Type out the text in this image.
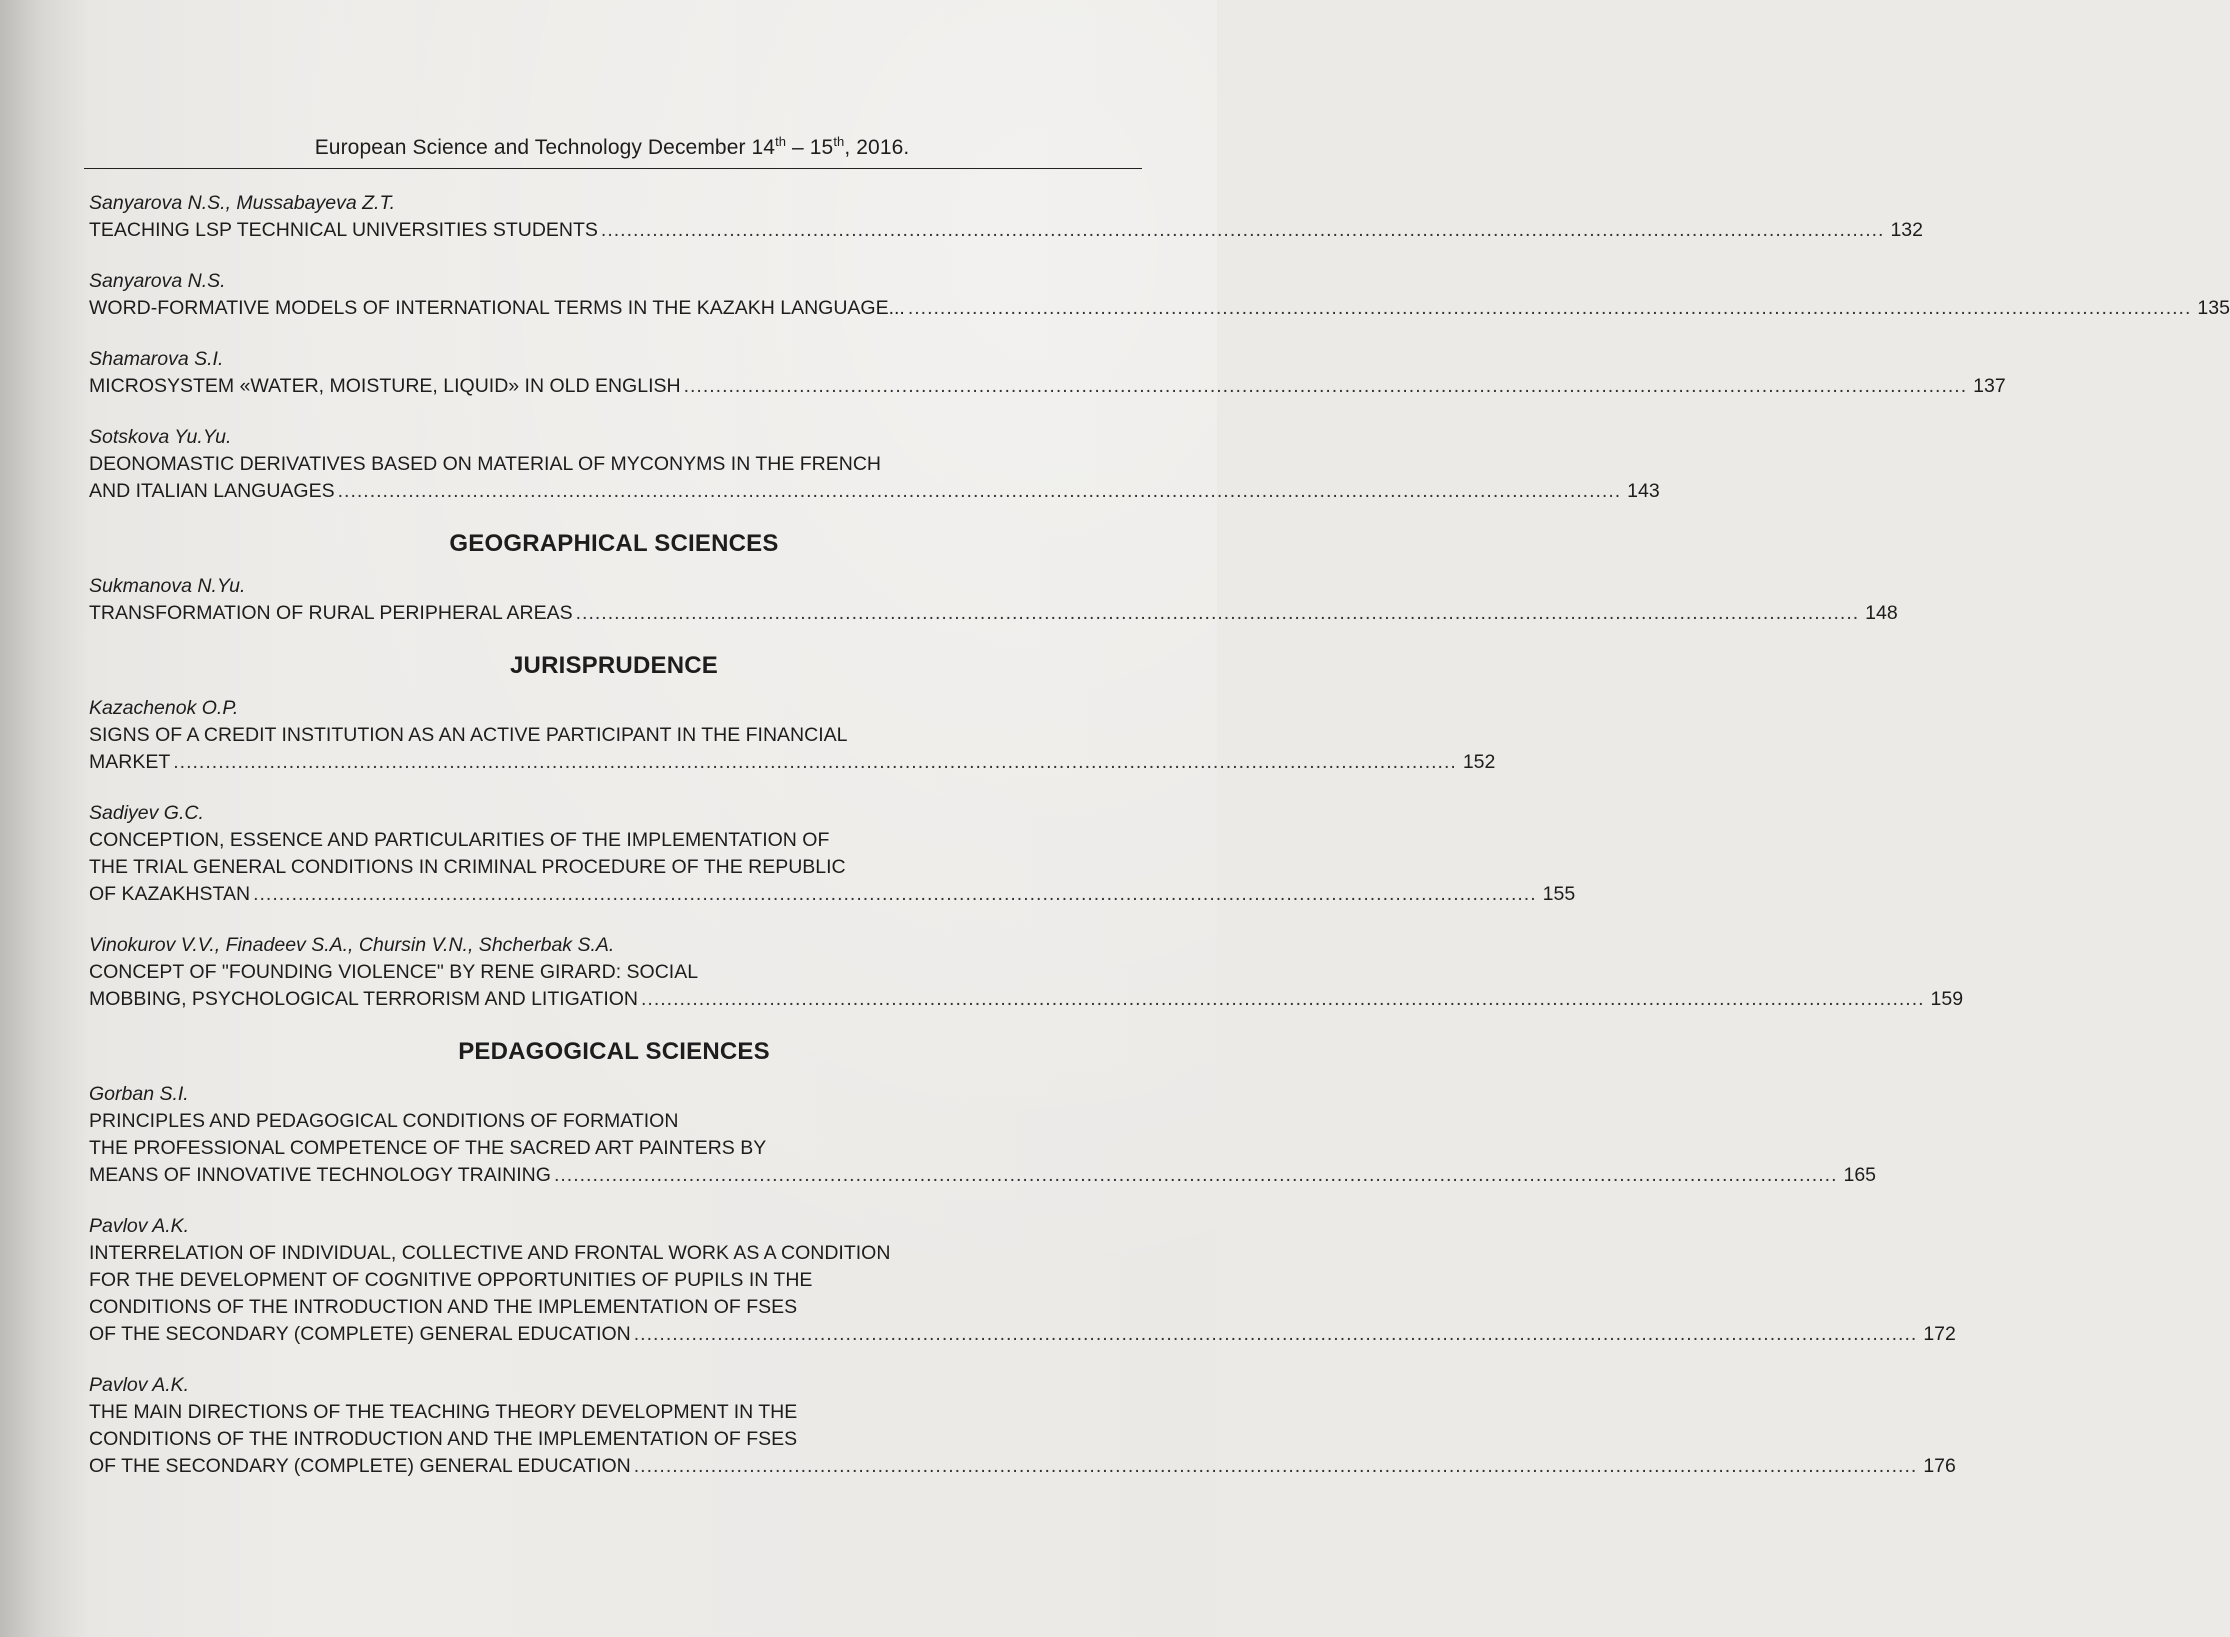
European Science and Technology December 14th – 15th, 2016.
Sanyarova N.S., Mussabayeva Z.T.
TEACHING LSP TECHNICAL UNIVERSITIES STUDENTS ........................................................................................................................................................................................................ 132
Sanyarova N.S.
WORD-FORMATIVE MODELS OF INTERNATIONAL TERMS IN THE KAZAKH LANGUAGE... ........................................................................................................................................................................................................ 135
Shamarova S.I.
MICROSYSTEM «WATER, MOISTURE, LIQUID» IN OLD ENGLISH ........................................................................................................................................................................................................ 137
Sotskova Yu.Yu.
DEONOMASTIC DERIVATIVES BASED ON MATERIAL OF MYCONYMS IN THE FRENCH
AND ITALIAN LANGUAGES ........................................................................................................................................................................................................ 143
GEOGRAPHICAL SCIENCES
Sukmanova N.Yu.
TRANSFORMATION OF RURAL PERIPHERAL AREAS ........................................................................................................................................................................................................ 148
JURISPRUDENCE
Kazachenok O.P.
SIGNS OF A CREDIT INSTITUTION AS AN ACTIVE PARTICIPANT IN THE FINANCIAL
MARKET ........................................................................................................................................................................................................ 152
Sadiyev G.C.
CONCEPTION, ESSENCE AND PARTICULARITIES OF THE IMPLEMENTATION OF
THE TRIAL GENERAL CONDITIONS IN CRIMINAL PROCEDURE OF THE REPUBLIC
OF KAZAKHSTAN ........................................................................................................................................................................................................ 155
Vinokurov V.V., Finadeev S.A., Chursin V.N., Shcherbak S.A.
CONCEPT OF "FOUNDING VIOLENCE" BY RENE GIRARD: SOCIAL
MOBBING, PSYCHOLOGICAL TERRORISM AND LITIGATION ........................................................................................................................................................................................................ 159
PEDAGOGICAL SCIENCES
Gorban S.I.
PRINCIPLES AND PEDAGOGICAL CONDITIONS OF FORMATION
THE PROFESSIONAL COMPETENCE OF THE SACRED ART PAINTERS BY
MEANS OF INNOVATIVE TECHNOLOGY TRAINING ........................................................................................................................................................................................................ 165
Pavlov A.K.
INTERRELATION OF INDIVIDUAL, COLLECTIVE AND FRONTAL WORK AS A CONDITION
FOR THE DEVELOPMENT OF COGNITIVE OPPORTUNITIES OF PUPILS IN THE
CONDITIONS OF THE INTRODUCTION AND THE IMPLEMENTATION OF FSES
OF THE SECONDARY (COMPLETE) GENERAL EDUCATION ........................................................................................................................................................................................................ 172
Pavlov A.K.
THE MAIN DIRECTIONS OF THE TEACHING THEORY DEVELOPMENT IN THE
CONDITIONS OF THE INTRODUCTION AND THE IMPLEMENTATION OF FSES
OF THE SECONDARY (COMPLETE) GENERAL EDUCATION ........................................................................................................................................................................................................ 176
